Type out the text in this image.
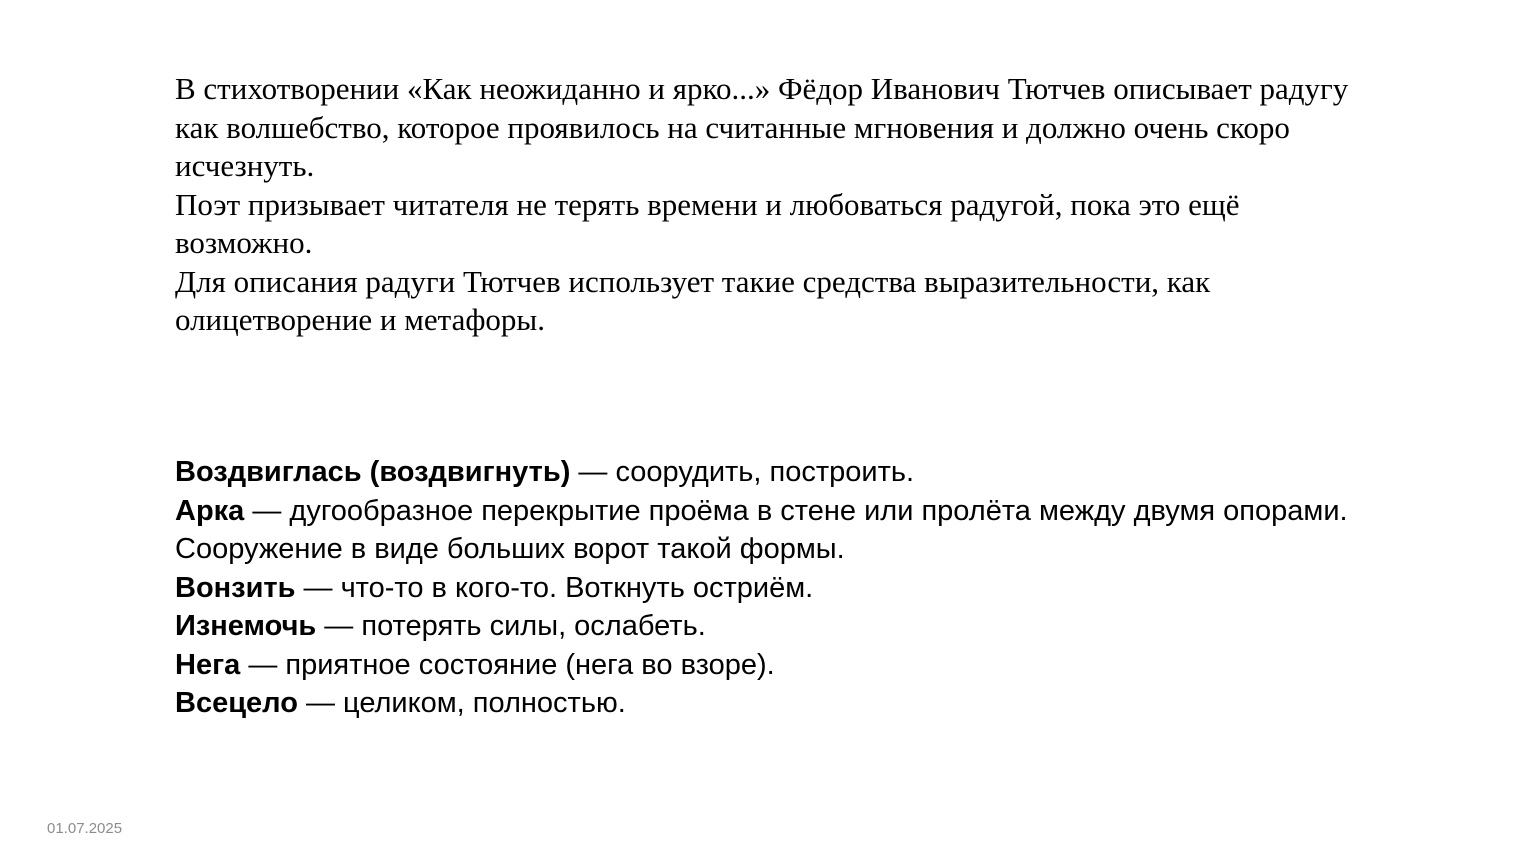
В стихотворении «Как неожиданно и ярко...» Фёдор Иванович Тютчев описывает радугу как волшебство, которое проявилось на считанные мгновения и должно очень скоро исчезнуть.

Поэт призывает читателя не терять времени и любоваться радугой, пока это ещё возможно.

Для описания радуги Тютчев использует такие средства выразительности, как олицетворение и метафоры.

Воздвиглась (воздвигнуть) — соорудить, построить.

Арка — дугообразное перекрытие проёма в стене или пролёта между двумя опорами. Сооружение в виде больших ворот такой формы.

Вонзить — что-то в кого-то. Воткнуть остриём.

Изнемочь — потерять силы, ослабеть.

Нега — приятное состояние (нега во взоре).

Всецело — целиком, полностью.

01.07.2025
